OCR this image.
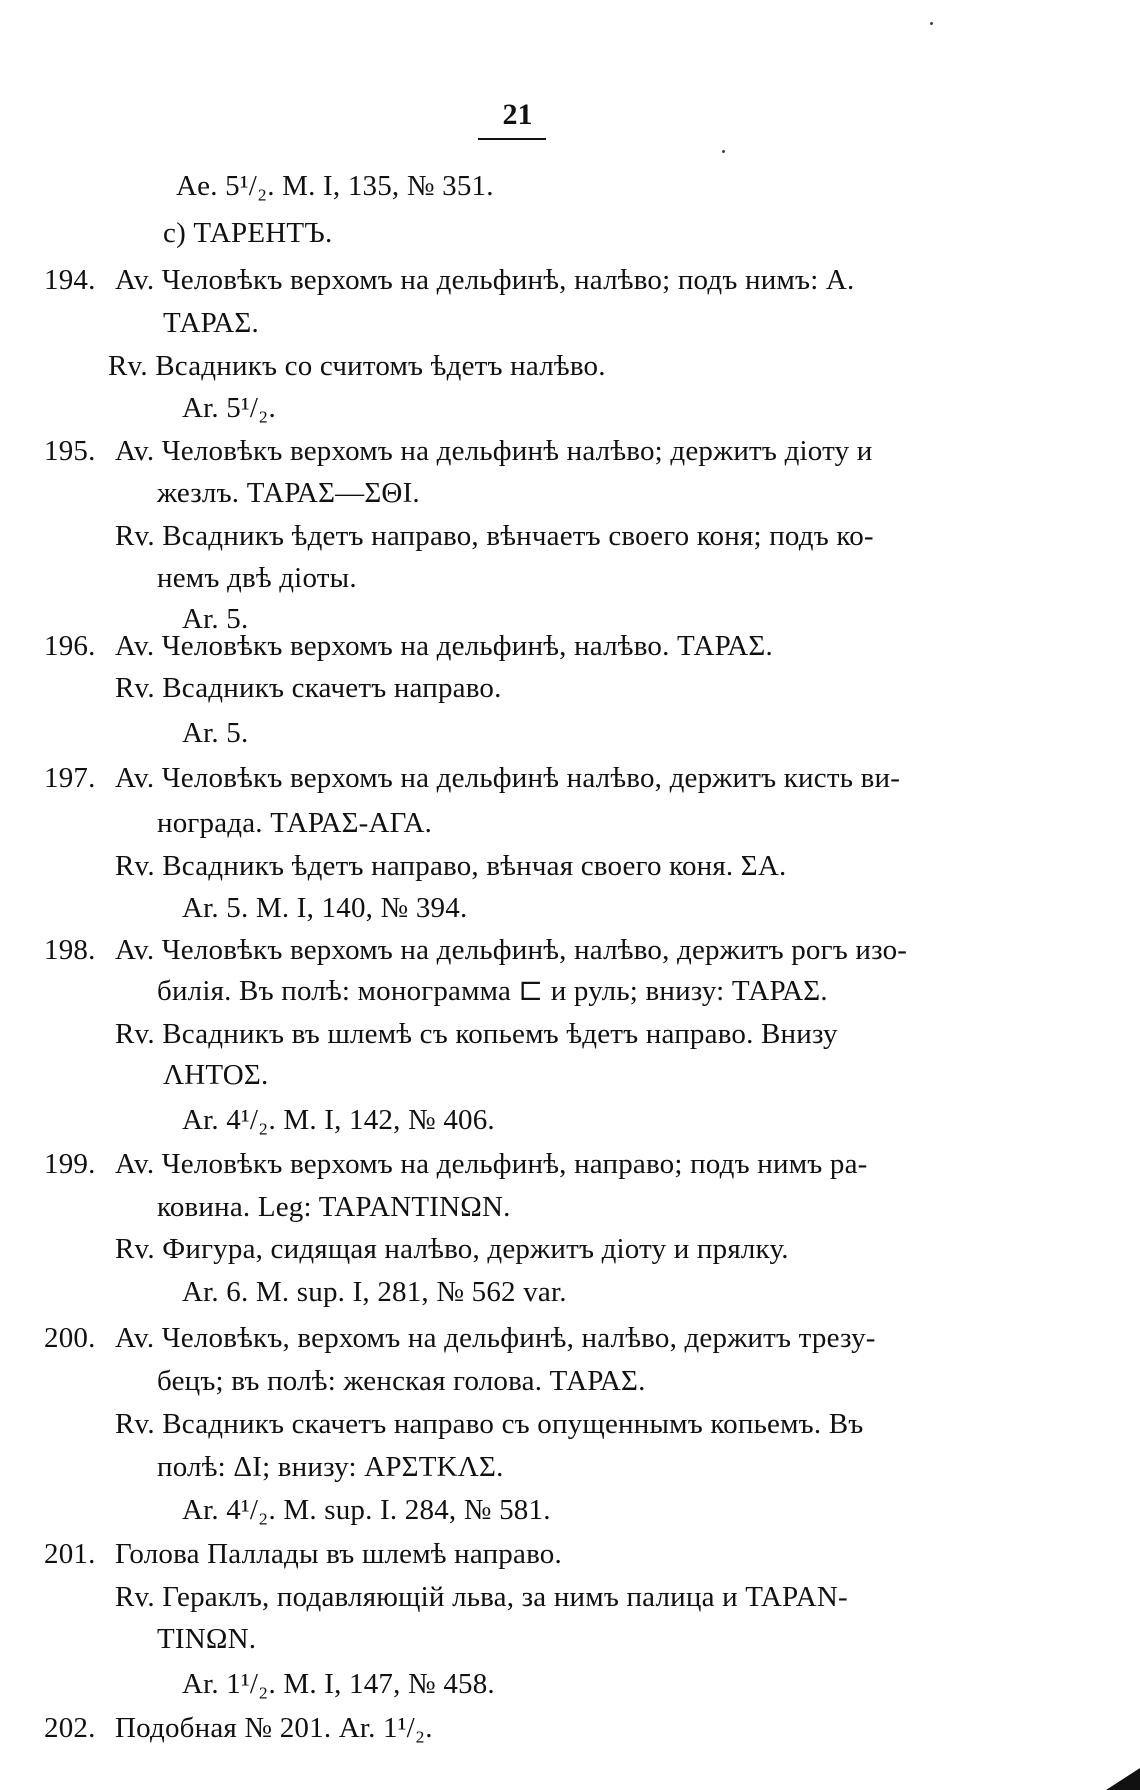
21
Ae. 5¹/₂. M. I, 135, № 351.
c) ТАРЕНТЪ.
194. Av. Человѣкъ верхомъ на дельфинѣ, налѣво; подъ нимъ: А.
ТАРАΣ.
Rv. Всадникъ со считомъ ѣдетъ налѣво.
Ar. 5¹/₂.
195. Av. Человѣкъ верхомъ на дельфинѣ налѣво; держитъ діоту и
жезлъ. ТАРАΣ—ΣΘΙ.
Rv. Всадникъ ѣдетъ направо, вѣнчаетъ своего коня; подъ ко-
немъ двѣ діоты.
Ar. 5.
196. Av. Человѣкъ верхомъ на дельфинѣ, налѣво. ТАРАΣ.
Rv. Всадникъ скачетъ направо.
Ar. 5.
197. Av. Человѣкъ верхомъ на дельфинѣ налѣво, держитъ кисть ви-
нограда. ТАРАΣ-АГА.
Rv. Всадникъ ѣдетъ направо, вѣнчая своего коня. ΣΑ.
Ar. 5. M. I, 140, № 394.
198. Av. Человѣкъ верхомъ на дельфинѣ, налѣво, держитъ рогъ изо-
билія. Въ полѣ: монограмма ⊏ и руль; внизу: ТАРАΣ.
Rv. Всадникъ въ шлемѣ съ копьемъ ѣдетъ направо. Внизу
ΛΗΤΟΣ.
Ar. 4¹/₂. M. I, 142, № 406.
199. Av. Человѣкъ верхомъ на дельфинѣ, направо; подъ нимъ ра-
ковина. Leg: TAPANTINΩN.
Rv. Фигура, сидящая налѣво, держитъ діоту и прялку.
Ar. 6. M. sup. I, 281, № 562 var.
200. Av. Человѣкъ, верхомъ на дельфинѣ, налѣво, держитъ трезу-
бецъ; въ полѣ: женская голова. ТАРАΣ.
Rv. Всадникъ скачетъ направо съ опущеннымъ копьемъ. Въ
полѣ: ΔΙ; внизу: ΑΡΣΤΚΛΣ.
Ar. 4¹/₂. M. sup. I. 284, № 581.
201. Голова Паллады въ шлемѣ направо.
Rv. Гераклъ, подавляющій льва, за нимъ палица и TAPAN-
TINΩN.
Ar. 1¹/₂. M. I, 147, № 458.
202. Подобная № 201. Ar. 1¹/₂.
